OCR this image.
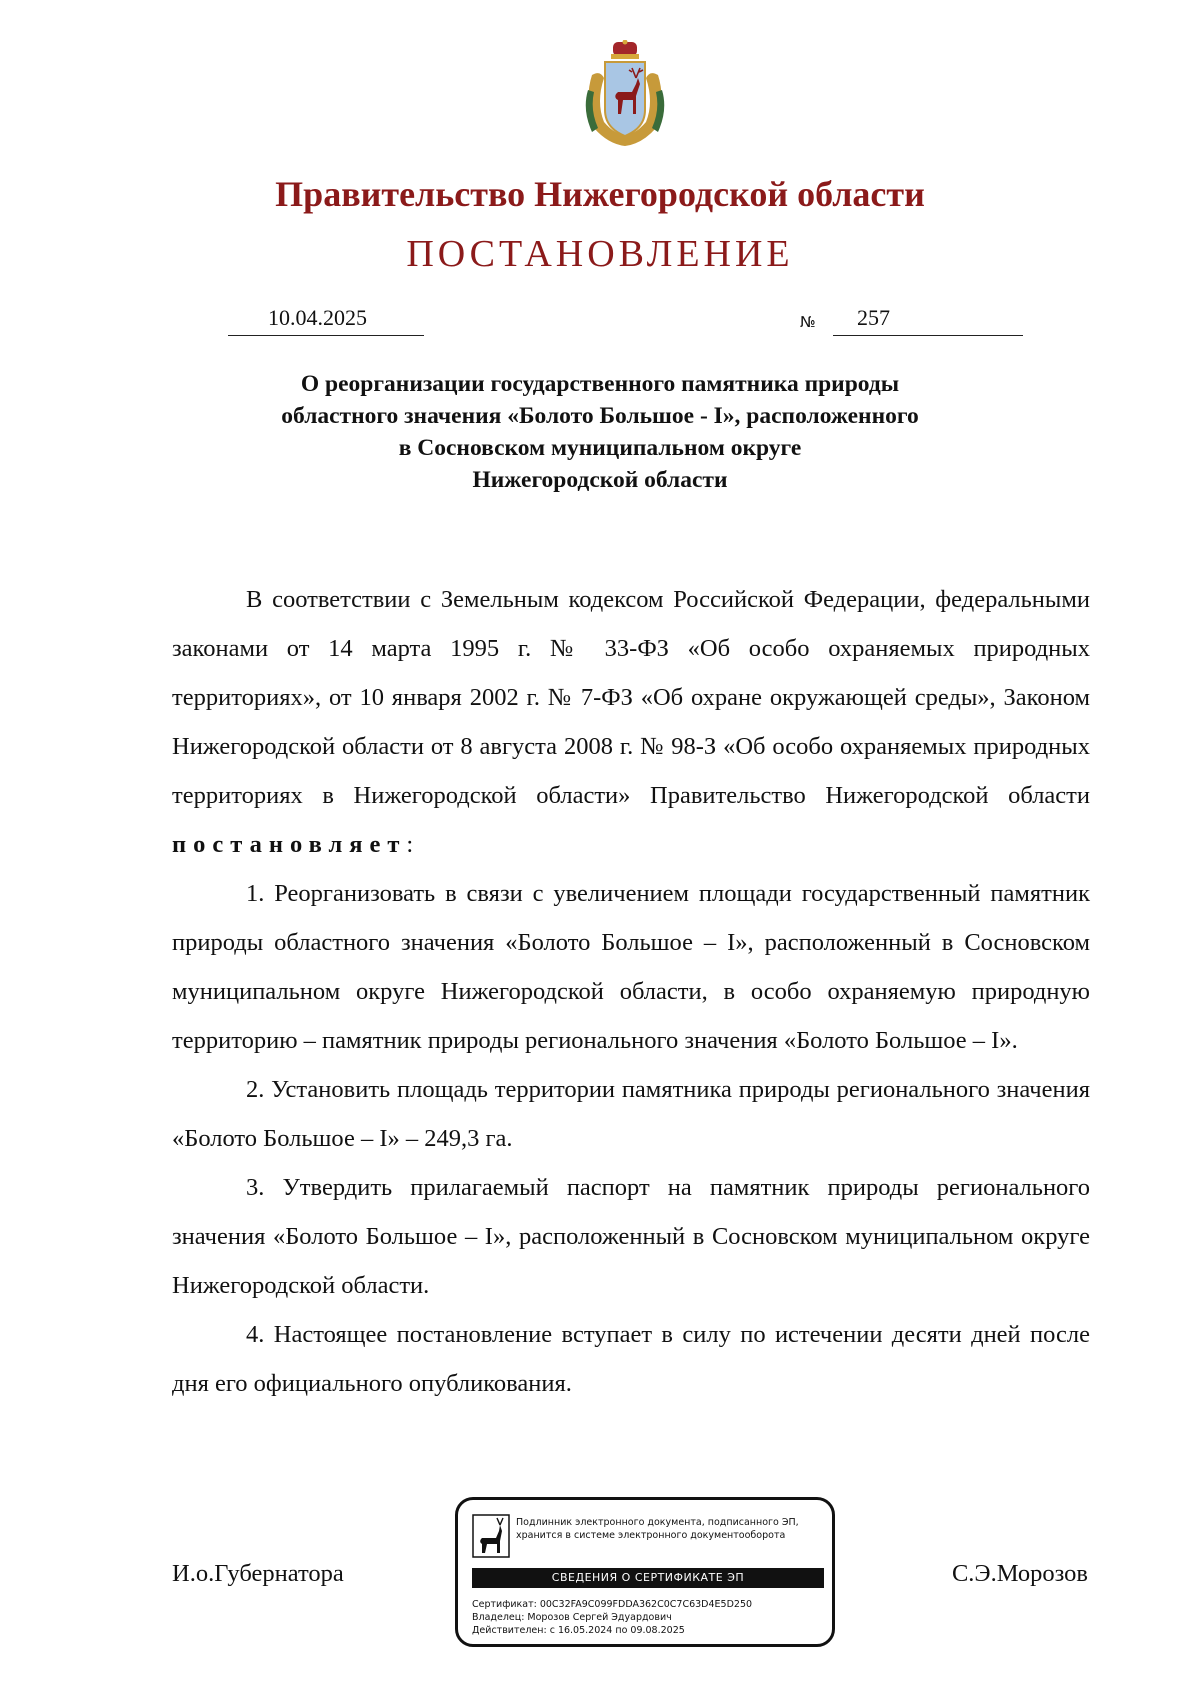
Правительство Нижегородской области
ПОСТАНОВЛЕНИЕ
10.04.2025	№ 257
О реорганизации государственного памятника природы
областного значения «Болото Большое - I», расположенного
в Сосновском муниципальном округе
Нижегородской области

В соответствии с Земельным кодексом Российской Федерации, федеральными законами от 14 марта 1995 г. № 33-ФЗ «Об особо охраняемых природных территориях», от 10 января 2002 г. № 7-ФЗ «Об охране окружающей среды», Законом Нижегородской области от 8 августа 2008 г. № 98-З «Об особо охраняемых природных территориях в Нижегородской области» Правительство Нижегородской области постановляет:

1. Реорганизовать в связи с увеличением площади государственный памятник природы областного значения «Болото Большое – I», расположенный в Сосновском муниципальном округе Нижегородской области, в особо охраняемую природную территорию – памятник природы регионального значения «Болото Большое – I».

2. Установить площадь территории памятника природы регионального значения «Болото Большое – I» – 249,3 га.

3. Утвердить прилагаемый паспорт на памятник природы регионального значения «Болото Большое – I», расположенный в Сосновском муниципальном округе Нижегородской области.

4. Настоящее постановление вступает в силу по истечении десяти дней после дня его официального опубликования.

И.о.Губернатора	С.Э.Морозов
Подлинник электронного документа, подписанного ЭП,
хранится в системе электронного документооборота
СВЕДЕНИЯ О СЕРТИФИКАТЕ ЭП
Сертификат: 00C32FA9C099FDDA362C0C7C63D4E5D250
Владелец: Морозов Сергей Эдуардович
Действителен: с 16.05.2024 по 09.08.2025
